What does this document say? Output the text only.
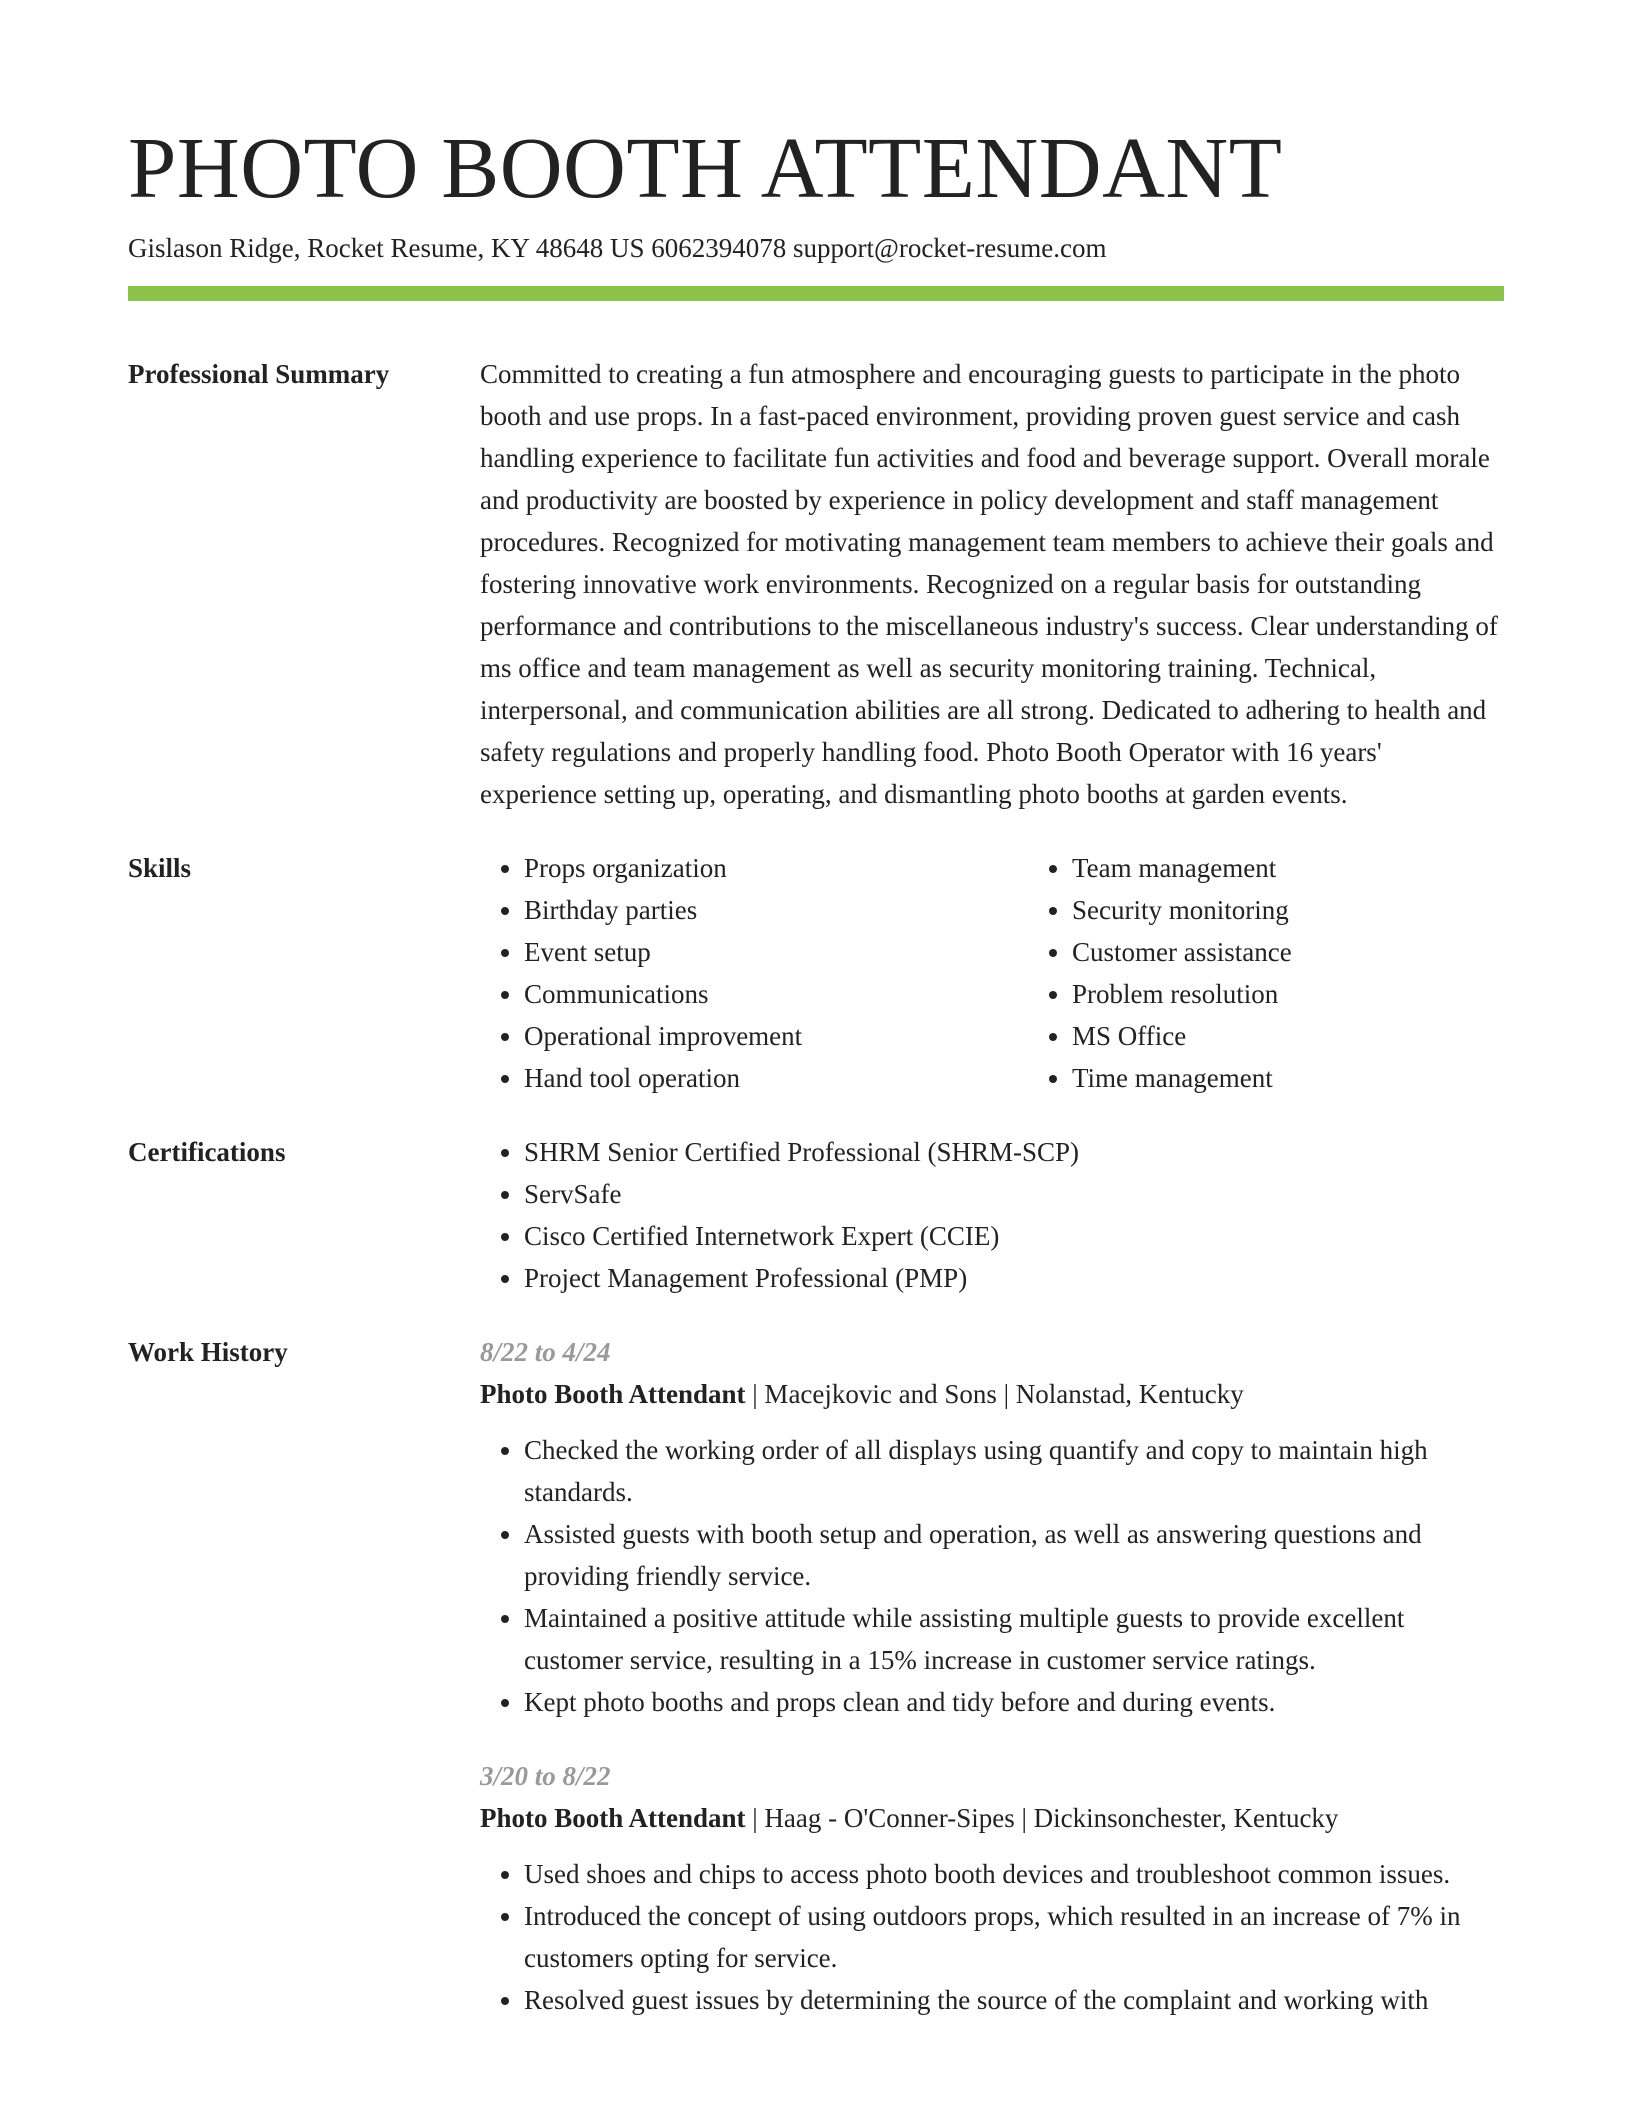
PHOTO BOOTH ATTENDANT
Gislason Ridge, Rocket Resume, KY 48648 US 6062394078 support@rocket-resume.com
Professional Summary	Committed to creating a fun atmosphere and encouraging guests to participate in the photo booth and use props. In a fast-paced environment, providing proven guest service and cash handling experience to facilitate fun activities and food and beverage support. Overall morale and productivity are boosted by experience in policy development and staff management procedures. Recognized for motivating management team members to achieve their goals and fostering innovative work environments. Recognized on a regular basis for outstanding performance and contributions to the miscellaneous industry's success. Clear understanding of ms office and team management as well as security monitoring training. Technical, interpersonal, and communication abilities are all strong. Dedicated to adhering to health and safety regulations and properly handling food. Photo Booth Operator with 16 years' experience setting up, operating, and dismantling photo booths at garden events.

Skills	• Props organization
• Birthday parties
• Event setup
• Communications
• Operational improvement
• Hand tool operation
• Team management
• Security monitoring
• Customer assistance
• Problem resolution
• MS Office
• Time management
Certifications	• SHRM Senior Certified Professional (SHRM-SCP)
• ServSafe
• Cisco Certified Internetwork Expert (CCIE)
• Project Management Professional (PMP)
Work History	8/22 to 4/24
Photo Booth Attendant | Macejkovic and Sons | Nolanstad, Kentucky
• Checked the working order of all displays using quantify and copy to maintain high standards.
• Assisted guests with booth setup and operation, as well as answering questions and providing friendly service.
• Maintained a positive attitude while assisting multiple guests to provide excellent customer service, resulting in a 15% increase in customer service ratings.
• Kept photo booths and props clean and tidy before and during events.
3/20 to 8/22
Photo Booth Attendant | Haag - O'Conner-Sipes | Dickinsonchester, Kentucky
• Used shoes and chips to access photo booth devices and troubleshoot common issues.
• Introduced the concept of using outdoors props, which resulted in an increase of 7% in customers opting for service.
• Resolved guest issues by determining the source of the complaint and working with
